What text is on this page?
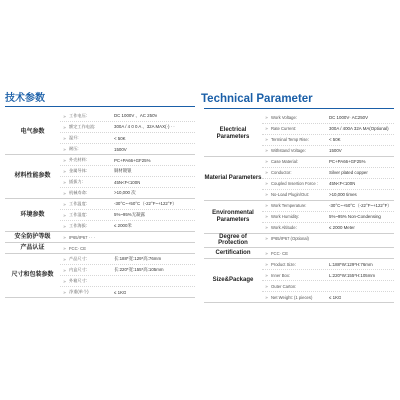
技术参数
电气参数
» 工作电压:	DC 1000V 、AC 250V
» 额定工作电流:	300A / 4 0 0 A 、32A MAX(·) · ·
» 温升:	< 50K
» 耐压:	1500V
材料性能参数
» 外壳材料:	PC+PA66+GF25%
» 金属导体:	铜材镀银
» 插拔力:	45N<F<100N
» 机械寿命:	>10,000 次
环境参数
» 工作温度:	-30°C~+50°C（-22°F~+122°F）
» 工作湿度:	5%~95%无凝露
» 工作海拔:	≤ 2000米
安全防护等级	» IP65/IP67 · · ·
产品认证	» FCC· CE
尺寸和包装参数
» 产品尺寸:	长:188*宽:129*高:76mm
» 内盒尺寸:	长:220*宽:155*高:105mm
» 外箱尺寸:
» 净重(单个)	≤ 1KG
Technical Parameter
Electrical Parameters
» Work Voltage:	DC 1000V· AC250V
» Rate Current:	300A / 400A 32A MA(Optional)
» Terminal Temp Rise:	< 50K
» Withstand Voltage:	1500V
Material Parameters
» Case Material:	PC+PA66+GF25%
» Conductor:	Silver plated copper
» Coupled Insertion Force :	45N<F<100N
» No-Load Plugin/Out:	>10,000 times
Environmental Parameters
» Work Temperature:	-30°C~+50°C（-22°F~+122°F）
» Work Humidity:	5%~95% Non-Condensing
» Work Altitude:	≤ 2000 Meter
Degree of Protection
» IP65/IP67 (Optional)
Certification	» FCC· CE
Size&Package
» Product Size:	L:188*W:129*H:76mm
» Inner Box:	L:220*W:155*H:105mm
» Outer Carton:
» Net Weight: (1 pieces)	≤ 1KG
